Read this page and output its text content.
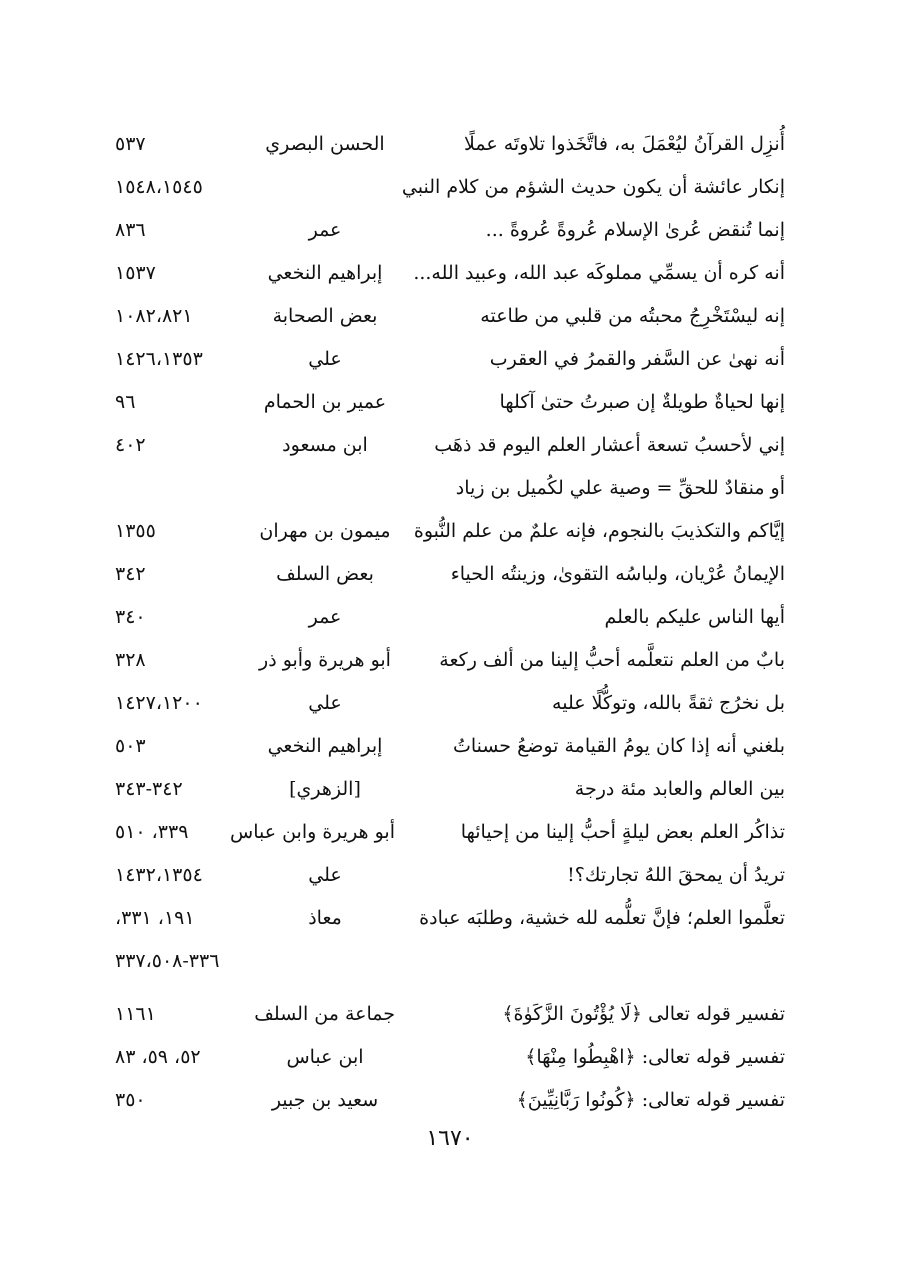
أُنزِل القرآنُ ليُعْمَلَ به، فاتَّخَذوا تلاوتَه عملًا
الحسن البصري
٥٣٧
إنكار عائشة أن يكون حديث الشؤم من كلام النبي
١٥٤٨،١٥٤٥
إنما تُنقض عُرىٰ الإسلام عُروةً عُروةً ...
عمر
٨٣٦
أنه كره أن يسمِّي مملوكَه عبد الله، وعبيد الله...
إبراهيم النخعي
١٥٣٧
إنه ليسْتَخْرِجُ محبتُه من قلبي من طاعته
بعض الصحابة
١٠٨٢،٨٢١
أنه نهىٰ عن السَّفر والقمرُ في العقرب
علي
١٤٢٦،١٣٥٣
إنها لحياةٌ طويلةٌ إن صبرتُ حتىٰ آكلها
عمير بن الحمام
٩٦
إني لأحسبُ تسعة أعشار العلم اليوم قد ذهَب
ابن مسعود
٤٠٢
أو منقادٌ للحقِّ = وصية علي لكُميل بن زياد
إيَّاكم والتكذيبَ بالنجوم، فإنه علمٌ من علم النُّبوة
ميمون بن مهران
١٣٥٥
الإيمانُ عُرْيان، ولباسُه التقوىٰ، وزينتُه الحياء
بعض السلف
٣٤٢
أيها الناس عليكم بالعلم
عمر
٣٤٠
بابٌ من العلم نتعلَّمه أحبُّ إلينا من ألف ركعة
أبو هريرة وأبو ذر
٣٢٨
بل نخرُج ثقةً بالله، وتوكُّلًا عليه
علي
١٤٢٧،١٢٠٠
بلغني أنه إذا كان يومُ القيامة توضعُ حسناتُ
إبراهيم النخعي
٥٠٣
بين العالم والعابد مئة درجة
[الزهري]
٣٤٢-٣٤٣
تذاكُر العلم بعض ليلةٍ أحبُّ إلينا من إحيائها
أبو هريرة وابن عباس
٣٣٩، ٥١٠
تريدُ أن يمحقَ اللهُ تجارتك؟!
علي
١٤٣٢،١٣٥٤
تعلَّموا العلم؛ فإنَّ تعلُّمه لله خشية، وطلبَه عبادة
معاذ
١٩١، ٣٣١،
٣٣٦-٣٣٧،٥٠٨
تفسير قوله تعالى ﴿لَا يُؤْتُونَ الزَّكَوٰةَ﴾
جماعة من السلف
١١٦١
تفسير قوله تعالى: ﴿اهْبِطُوا مِنْهَا﴾
ابن عباس
٥٢، ٥٩، ٨٣
تفسير قوله تعالى: ﴿كُونُوا رَبَّانِيِّينَ﴾
سعيد بن جبير
٣٥٠
١٦٧٠
